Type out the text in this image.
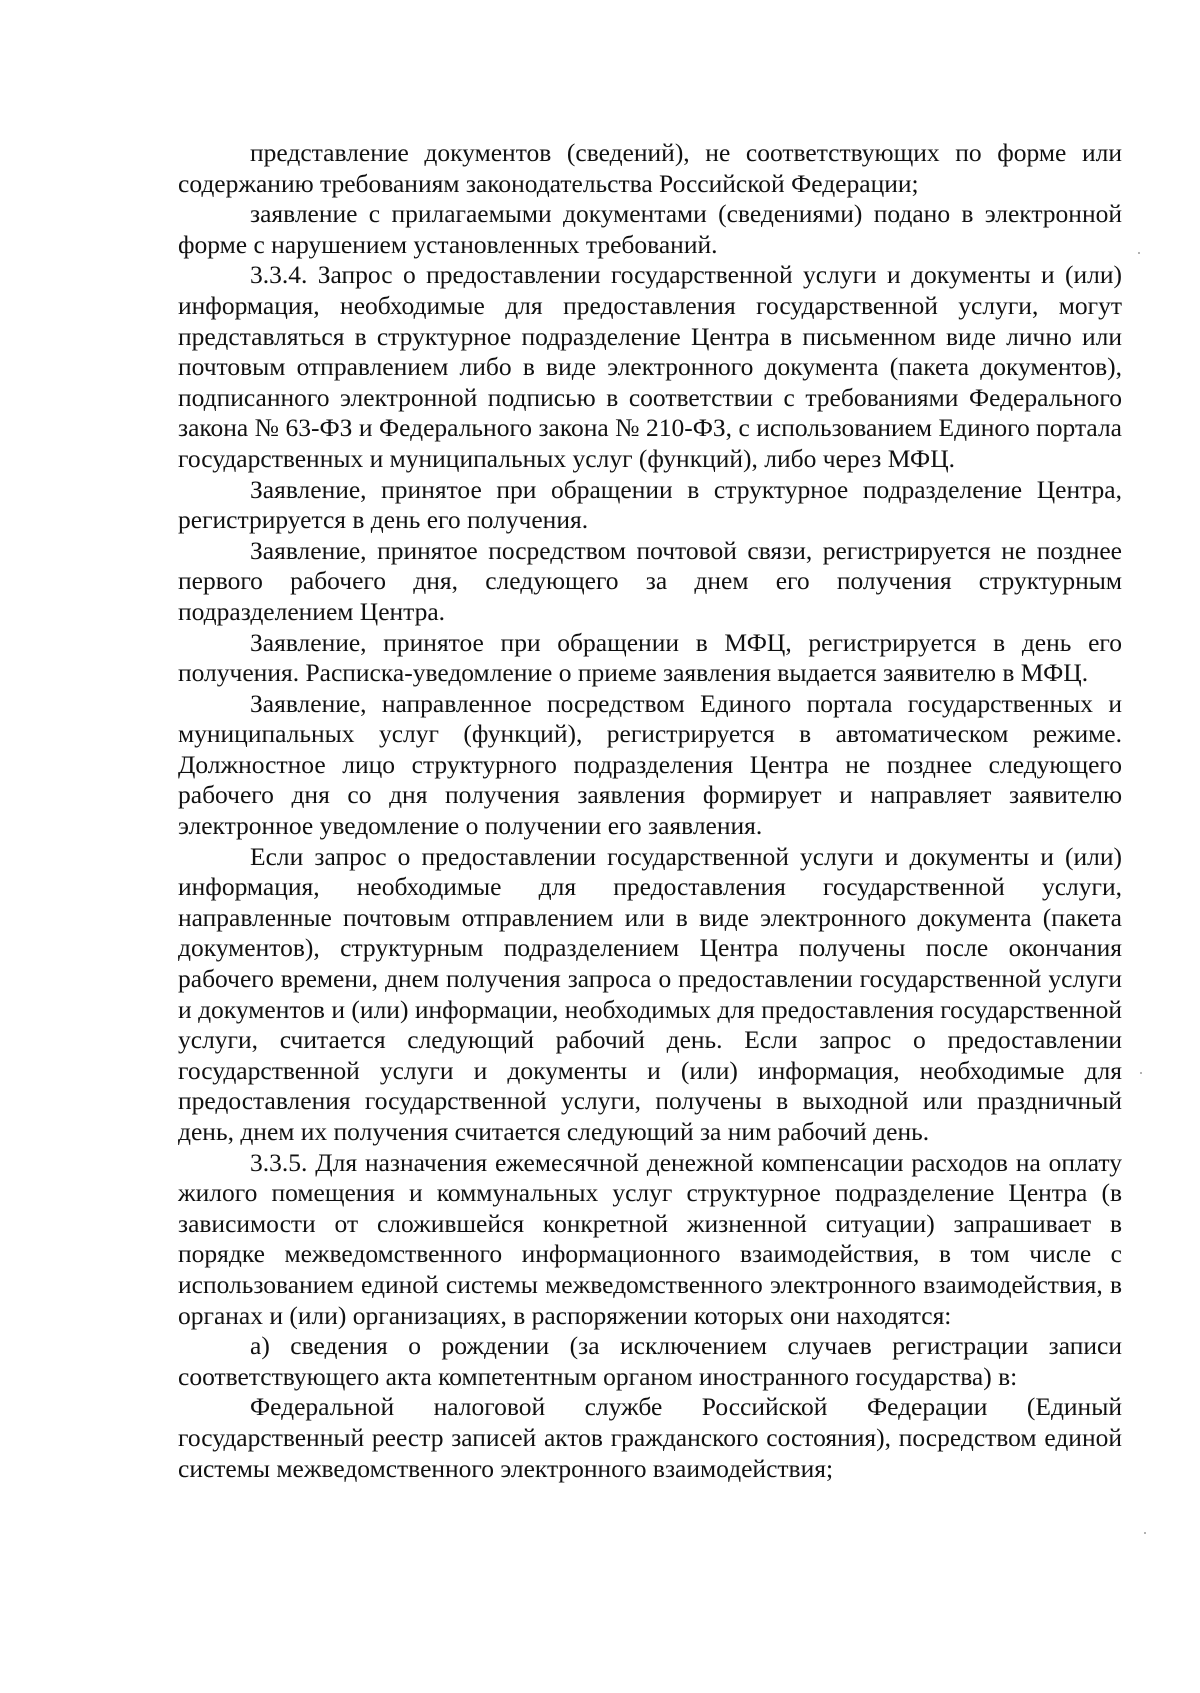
представление документов (сведений), не соответствующих по форме или содержанию требованиям законодательства Российской Федерации;

заявление с прилагаемыми документами (сведениями) подано в электронной форме с нарушением установленных требований.

3.3.4. Запрос о предоставлении государственной услуги и документы и (или) информация, необходимые для предоставления государственной услуги, могут представляться в структурное подразделение Центра в письменном виде лично или почтовым отправлением либо в виде электронного документа (пакета документов), подписанного электронной подписью в соответствии с требованиями Федерального закона № 63-ФЗ и Федерального закона № 210-ФЗ, с использованием Единого портала государственных и муниципальных услуг (функций), либо через МФЦ.

Заявление, принятое при обращении в структурное подразделение Центра, регистрируется в день его получения.

Заявление, принятое посредством почтовой связи, регистрируется не позднее первого рабочего дня, следующего за днем его получения структурным подразделением Центра.

Заявление, принятое при обращении в МФЦ, регистрируется в день его получения. Расписка-уведомление о приеме заявления выдается заявителю в МФЦ.

Заявление, направленное посредством Единого портала государственных и муниципальных услуг (функций), регистрируется в автоматическом режиме. Должностное лицо структурного подразделения Центра не позднее следующего рабочего дня со дня получения заявления формирует и направляет заявителю электронное уведомление о получении его заявления.

Если запрос о предоставлении государственной услуги и документы и (или) информация, необходимые для предоставления государственной услуги, направленные почтовым отправлением или в виде электронного документа (пакета документов), структурным подразделением Центра получены после окончания рабочего времени, днем получения запроса о предоставлении государственной услуги и документов и (или) информации, необходимых для предоставления государственной услуги, считается следующий рабочий день. Если запрос о предоставлении государственной услуги и документы и (или) информация, необходимые для предоставления государственной услуги, получены в выходной или праздничный день, днем их получения считается следующий за ним рабочий день.

3.3.5. Для назначения ежемесячной денежной компенсации расходов на оплату жилого помещения и коммунальных услуг структурное подразделение Центра (в зависимости от сложившейся конкретной жизненной ситуации) запрашивает в порядке межведомственного информационного взаимодействия, в том числе с использованием единой системы межведомственного электронного взаимодействия, в органах и (или) организациях, в распоряжении которых они находятся:

а) сведения о рождении (за исключением случаев регистрации записи соответствующего акта компетентным органом иностранного государства) в:

Федеральной налоговой службе Российской Федерации (Единый государственный реестр записей актов гражданского состояния), посредством единой системы межведомственного электронного взаимодействия;
